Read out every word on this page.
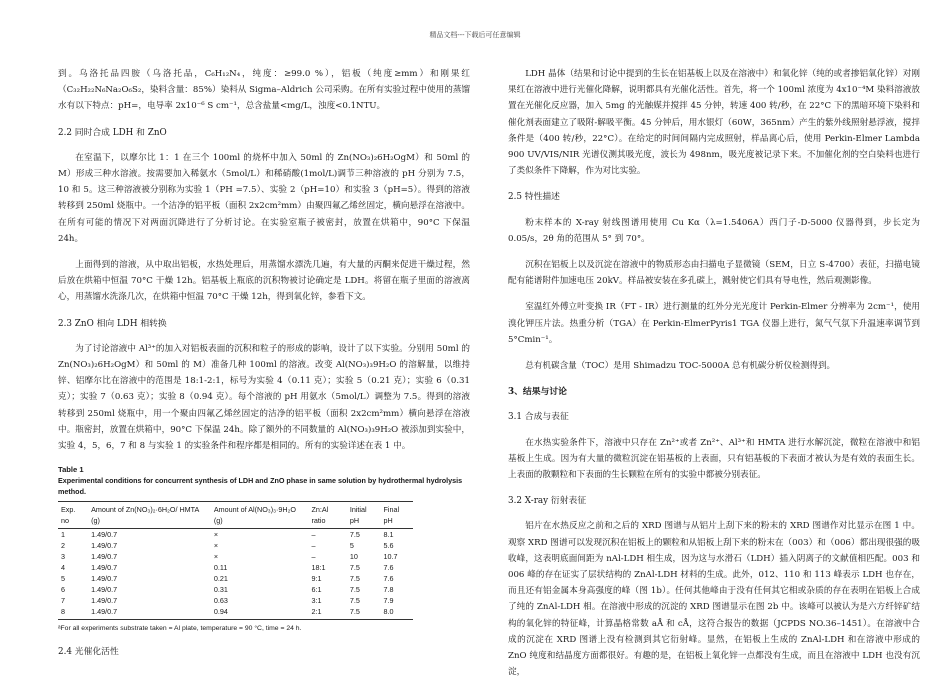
精品文档---下载后可任意编辑

到。乌洛托品四胺（乌洛托品，C₆H₁₂N₄，纯度：≥99.0 %），铝板（纯度≥mm）和刚果红（C₃₂H₂₂N₆Na₂O₆S₂，染料含量：85%）染料从 Sigma–Aldrich 公司采购。在所有实验过程中使用的蒸馏水有以下特点：pH=，电导率 2x10⁻⁶ S cm⁻¹，总含盐量<mg/L，浊度<0.1NTU。

2.2 同时合成 LDH 和 ZnO

在室温下，以摩尔比 1：1 在三个 100ml 的烧杯中加入 50ml 的 Zn(NO₃)₂6H₂OgM）和 50ml 的 M）形成三种水溶液。按需要加入稀氨水（5mol/L）和稀硝酸(1mol/L)调节三种溶液的 pH 分别为 7.5，10 和 5。这三种溶液被分别称为实验 1（PH =7.5）、实验 2（pH=10）和实验 3（pH=5）。得到的溶液转移到 250ml 烧瓶中。一个洁净的铝平板（面积 2x2cm²mm）由聚四氟乙烯丝固定，横向悬浮在溶液中。在所有可能的情况下对两面沉降进行了分析讨论。在实验室瓶子被密封，放置在烘箱中，90°C 下保温 24h。

上面得到的溶液，从中取出铝板，水热处理后，用蒸馏水漂洗几遍，有大量的丙酮来促进干燥过程，然后放在烘箱中恒温 70°C 干燥 12h。铝基板上瓶底的沉积物被讨论确定是 LDH。将留在瓶子里面的溶液离心，用蒸馏水洗涤几次，在烘箱中恒温 70°C 干燥 12h，得到氧化锌，参看下文。

2.3 ZnO 相向 LDH 相转换

为了讨论溶液中 Al³⁺的加入对铝板表面的沉积和粒子的形成的影响，设计了以下实验。分别用 50ml 的 Zn(NO₃)₂6H₂OgM）和 50ml 的 M）准备几种 100ml 的溶液。改变 Al(NO₃)₃9H₂O 的溶解量，以维持锌、铝摩尔比在溶液中的范围是 18:1-2:1，标号为实验 4（0.11 克）；实验 5（0.21 克）；实验 6（0.31 克）；实验 7（0.63 克）；实验 8（0.94 克）。每个溶液的 pH 用氨水（5mol/L）调整为 7.5。得到的溶液转移到 250ml 烧瓶中，用一个聚由四氟乙烯丝固定的洁净的铝平板（面积 2x2cm²mm）横向悬浮在溶液中。瓶密封，放置在烘箱中，90°C 下保温 24h。除了额外的不同数量的 Al(NO₃)₃9H₂O 被添加到实验中，实验 4，5，6，7 和 8 与实验 1 的实验条件和程序都是相同的。所有的实验详述在表 1 中。

Table 1
Experimental conditions for concurrent synthesis of LDH and ZnO phase in same solution by hydrothermal hydrolysis method.
Exp. no	Amount of Zn(NO₃)₂·6H₂O/ HMTA (g)	Amount of Al(NO₃)₃·9H₂O (g)	Zn:Al ratio	Initial pH	Final pH
1	1.49/0.7	×	–	7.5	8.1
2	1.49/0.7	×	–	5	5.6
3	1.49/0.7	×	–	10	10.7
4	1.49/0.7	0.11	18:1	7.5	7.6
5	1.49/0.7	0.21	9:1	7.5	7.6
6	1.49/0.7	0.31	6:1	7.5	7.8
7	1.49/0.7	0.63	3:1	7.5	7.9
8	1.49/0.7	0.94	2:1	7.5	8.0
ᵃFor all experiments substrate taken = Al plate, temperature = 90 °C, time = 24 h.
2.4 光催化活性

LDH 晶体（结果和讨论中提到的生长在铝基板上以及在溶液中）和氧化锌（纯的或者掺铝氧化锌）对刚果红在溶液中进行光催化降解，说明都具有光催化活性。首先，将一个 100ml 浓度为 4x10⁻⁴M 染料溶液放置在光催化反应器，加入 5mg 的光触媒并搅拌 45 分钟，转速 400 转/秒，在 22°C 下的黑暗环境下染料和催化剂表面建立了吸附-解吸平衡。45 分钟后，用水银灯（60W，365nm）产生的紫外线照射悬浮液，搅拌条件是（400 转/秒，22°C）。在给定的时间间隔内完成照射，样品离心后，使用 Perkin-Elmer Lambda 900 UV/VIS/NIR 光谱仪测其吸光度，波长为 498nm，吸光度被记录下来。不加催化剂的空白染料也进行了类似条件下降解，作为对比实验。

2.5 特性描述

粉末样本的 X-ray 射线图谱用使用 Cu Kα（λ=1.5406A）西门子-D-5000 仪器得到，步长定为 0.05/s，2θ 角的范围从 5° 到 70°。

沉积在铝板上以及沉淀在溶液中的物质形态由扫描电子显微镜（SEM，日立 S-4700）表征，扫描电镜配有能谱附件加速电压 20kV。样品被安装在多孔碳上，溅射使它们具有导电性，然后观测影像。

室温红外傅立叶变换 IR（FT - IR）进行测量的红外分光光度计 Perkin-Elmer 分辨率为 2cm⁻¹，使用溴化钾压片法。热重分析（TGA）在 Perkin-ElmerPyris1 TGA 仪器上进行，氮气气氛下升温速率调节到 5°Cmin⁻¹。

总有机碳含量（TOC）是用 Shimadzu TOC-5000A 总有机碳分析仪检测得到。

3、结果与讨论
3.1 合成与表征

在水热实验条件下，溶液中只存在 Zn²⁺或者 Zn²⁺、Al³⁺和 HMTA 进行水解沉淀，微粒在溶液中和铝基板上生成。因为有大量的微粒沉淀在铝基板的上表面，只有铝基板的下表面才被认为是有效的表面生长。上表面的散颗粒和下表面的生长颗粒在所有的实验中都被分别表征。

3.2 X-ray 衍射表征

铝片在水热反应之前和之后的 XRD 图谱与从铝片上刮下来的粉末的 XRD 图谱作对比显示在图 1 中。观察 XRD 图谱可以发现沉积在铝板上的颗粒和从铝板上刮下来的粉末在（003）和（006）都出现很强的吸收峰，这表明底面间距为 nAl-LDH 相生成，因为这与水滑石（LDH）插入阴离子的文献值相匹配。003 和 006 峰的存在证实了层状结构的 ZnAl-LDH 材料的生成。此外，012、110 和 113 峰表示 LDH 也存在，而且还有铝金属本身高强度的峰（图 1b）。任何其他峰由于没有任何其它相或杂质的存在表明在铝板上合成了纯的 ZnAl-LDH 相。在溶液中形成的沉淀的 XRD 图谱显示在图 2b 中。该峰可以被认为是六方纤锌矿结构的氧化锌的特征峰，计算晶格常数 aÅ 和 cÅ，这符合报告的数据（JCPDS NO.36–1451）。在溶液中合成的沉淀在 XRD 图谱上没有检测到其它衍射峰。显然，在铝板上生成的 ZnAl-LDH 和在溶液中形成的 ZnO 纯度和结晶度方面都很好。有趣的是，在铝板上氧化锌一点都没有生成，而且在溶液中 LDH 也没有沉淀，
